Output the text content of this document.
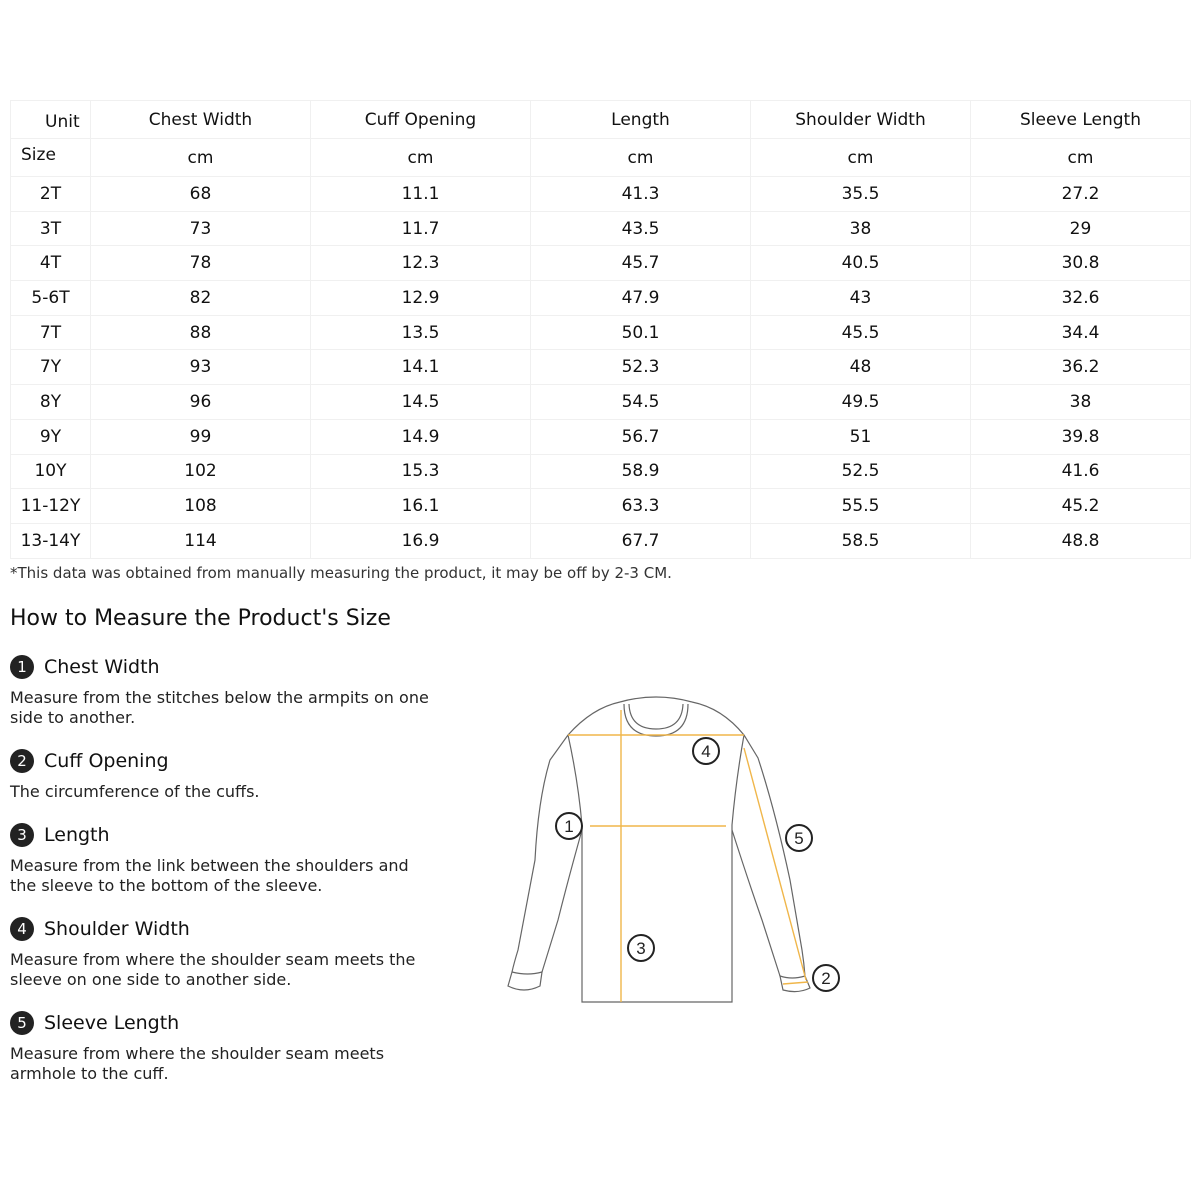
Unit	Chest Width	Cuff Opening	Length	Shoulder Width	Sleeve Length

Size	cm	cm	cm	cm	cm
2T	68	11.1	41.3	35.5	27.2
3T	73	11.7	43.5	38	29
4T	78	12.3	45.7	40.5	30.8
5-6T	82	12.9	47.9	43	32.6
7T	88	13.5	50.1	45.5	34.4
7Y	93	14.1	52.3	48	36.2
8Y	96	14.5	54.5	49.5	38
9Y	99	14.9	56.7	51	39.8
10Y	102	15.3	58.9	52.5	41.6
11-12Y	108	16.1	63.3	55.5	45.2
13-14Y	114	16.9	67.7	58.5	48.8
*This data was obtained from manually measuring the product, it may be off by 2-3 CM.
How to Measure the Product's Size
1 Chest Width
Measure from the stitches below the armpits on one side to another.
2 Cuff Opening
The circumference of the cuffs.
3 Length
Measure from the link between the shoulders and the sleeve to the bottom of the sleeve.
4 Shoulder Width
Measure from where the shoulder seam meets the sleeve on one side to another side.
5 Sleeve Length
Measure from where the shoulder seam meets armhole to the cuff.
1
2
3
4
5
